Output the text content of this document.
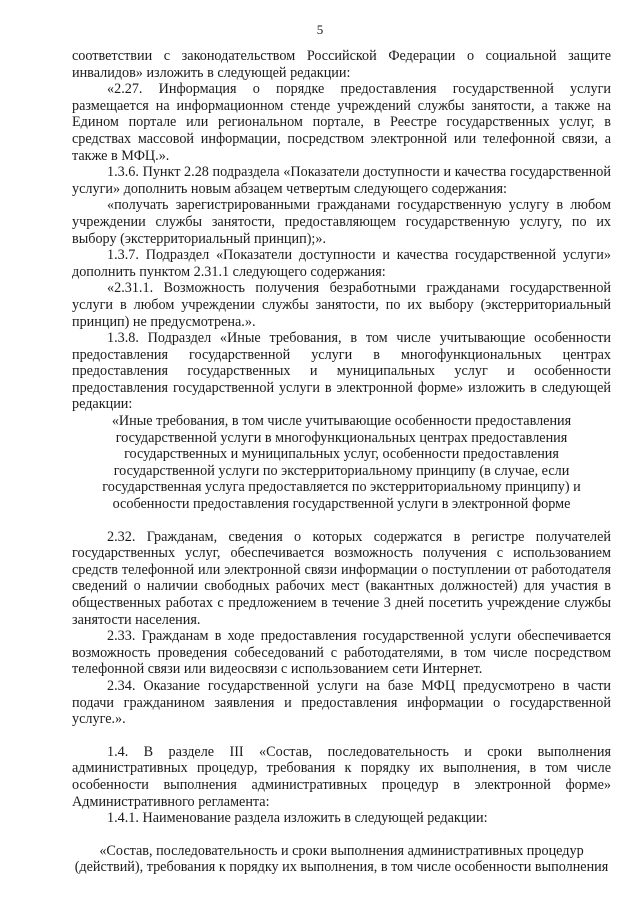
5

соответствии с законодательством Российской Федерации о социальной защите инвалидов» изложить в следующей редакции:

«2.27. Информация о порядке предоставления государственной услуги размещается на информационном стенде учреждений службы занятости, а также на Едином портале или региональном портале, в Реестре государственных услуг, в средствах массовой информации, посредством электронной или телефонной связи, а также в МФЦ.».

1.3.6. Пункт 2.28 подраздела «Показатели доступности и качества государственной услуги» дополнить новым абзацем четвертым следующего содержания:

«получать зарегистрированными гражданами государственную услугу в любом учреждении службы занятости, предоставляющем государственную услугу, по их выбору (экстерриториальный принцип);».

1.3.7. Подраздел «Показатели доступности и качества государственной услуги» дополнить пунктом 2.31.1 следующего содержания:

«2.31.1. Возможность получения безработными гражданами государственной услуги в любом учреждении службы занятости, по их выбору (экстерриториальный принцип) не предусмотрена.».

1.3.8. Подраздел «Иные требования, в том числе учитывающие особенности предоставления государственной услуги в многофункциональных центрах предоставления государственных и муниципальных услуг и особенности предоставления государственной услуги в электронной форме» изложить в следующей редакции:

«Иные требования, в том числе учитывающие особенности предоставления государственной услуги в многофункциональных центрах предоставления государственных и муниципальных услуг, особенности предоставления государственной услуги по экстерриториальному принципу (в случае, если государственная услуга предоставляется по экстерриториальному принципу) и особенности предоставления государственной услуги в электронной форме

2.32. Гражданам, сведения о которых содержатся в регистре получателей государственных услуг, обеспечивается возможность получения с использованием средств телефонной или электронной связи информации о поступлении от работодателя сведений о наличии свободных рабочих мест (вакантных должностей) для участия в общественных работах с предложением в течение 3 дней посетить учреждение службы занятости населения.

2.33. Гражданам в ходе предоставления государственной услуги обеспечивается возможность проведения собеседований с работодателями, в том числе посредством телефонной связи или видеосвязи с использованием сети Интернет.

2.34. Оказание государственной услуги на базе МФЦ предусмотрено в части подачи гражданином заявления и предоставления информации о государственной услуге.».

1.4. В разделе III «Состав, последовательность и сроки выполнения административных процедур, требования к порядку их выполнения, в том числе особенности выполнения административных процедур в электронной форме» Административного регламента:

1.4.1. Наименование раздела изложить в следующей редакции:

«Состав, последовательность и сроки выполнения административных процедур (действий), требования к порядку их выполнения, в том числе особенности выполнения
